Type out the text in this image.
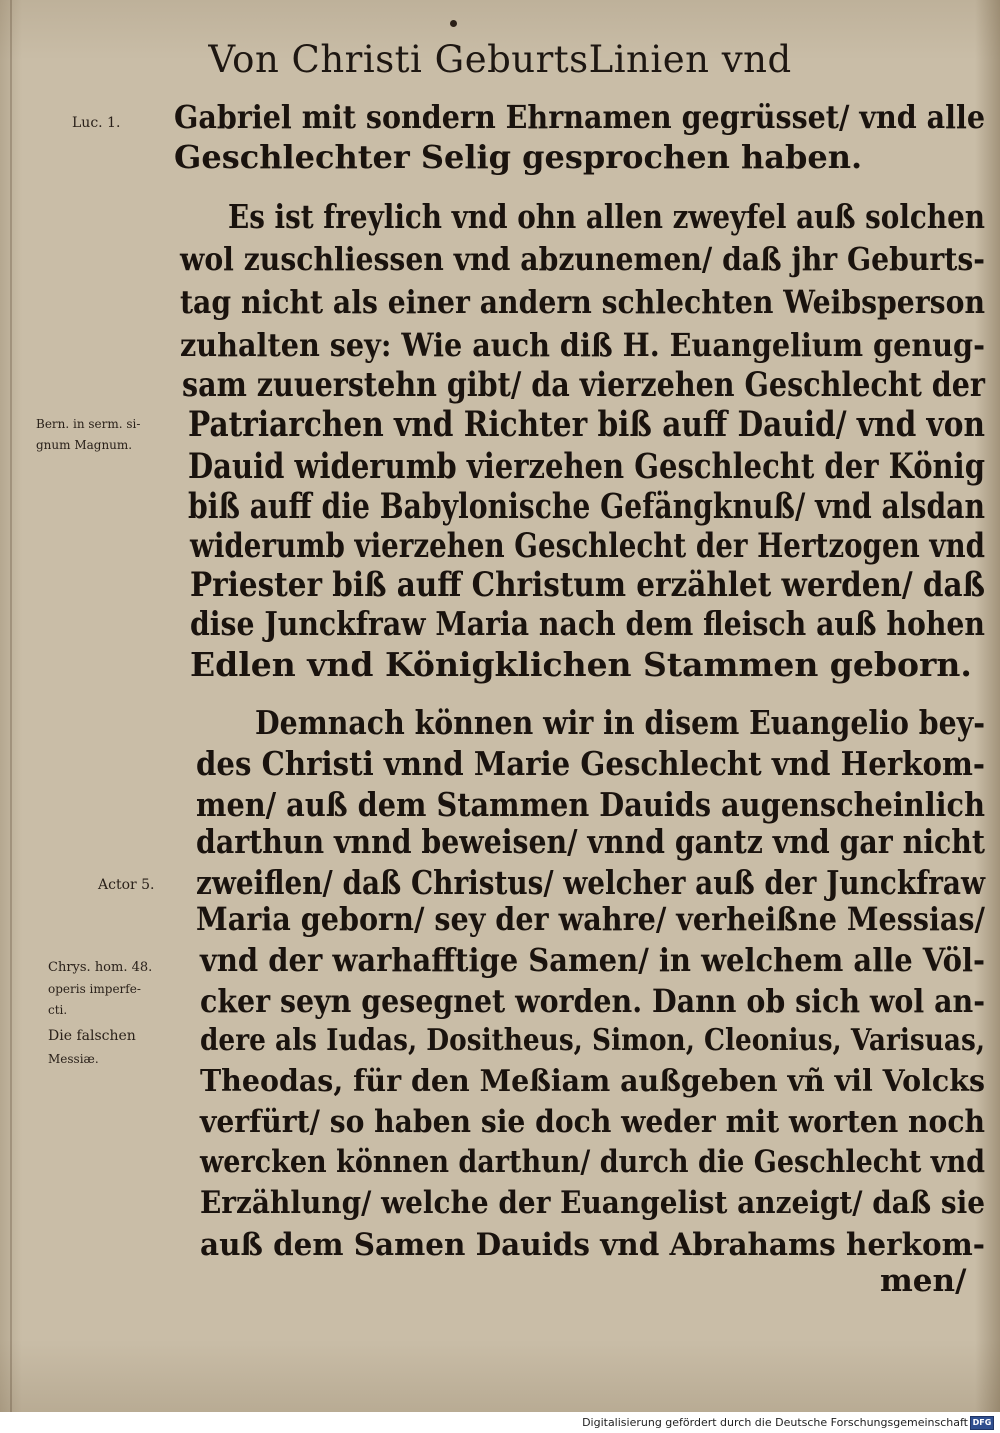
Von Christi GeburtsLinien vnd
Luc. 1.
Bern. in serm. si-
gnum Magnum.
Actor 5.
Chrys. hom. 48.
operis imperfe-
cti.
Die falschen
Messiæ.
Gabriel mit sondern Ehrnamen gegrüsset/ vnd alle
Geschlechter Selig gesprochen haben.
Es ist freylich vnd ohn allen zweyfel auß solchen
wol zuschliessen vnd abzunemen/ daß jhr Geburts-
tag nicht als einer andern schlechten Weibsperson
zuhalten sey: Wie auch diß H. Euangelium genug-
sam zuuerstehn gibt/ da vierzehen Geschlecht der
Patriarchen vnd Richter biß auff Dauid/ vnd von
Dauid widerumb vierzehen Geschlecht der König
biß auff die Babylonische Gefängknuß/ vnd alsdan
widerumb vierzehen Geschlecht der Hertzogen vnd
Priester biß auff Christum erzählet werden/ daß
dise Junckfraw Maria nach dem fleisch auß hohen
Edlen vnd Königklichen Stammen geborn.
Demnach können wir in disem Euangelio bey-
des Christi vnnd Marie Geschlecht vnd Herkom-
men/ auß dem Stammen Dauids augenscheinlich
darthun vnnd beweisen/ vnnd gantz vnd gar nicht
zweiflen/ daß Christus/ welcher auß der Junckfraw
Maria geborn/ sey der wahre/ verheißne Messias/
vnd der warhafftige Samen/ in welchem alle Völ-
cker seyn gesegnet worden. Dann ob sich wol an-
dere als Iudas, Dositheus, Simon, Cleonius, Varisuas,
Theodas, für den Meßiam außgeben vñ vil Volcks
verfürt/ so haben sie doch weder mit worten noch
wercken können darthun/ durch die Geschlecht vnd
Erzählung/ welche der Euangelist anzeigt/ daß sie
auß dem Samen Dauids vnd Abrahams herkom-
men/
Digitalisierung gefördert durch die Deutsche Forschungsgemeinschaft DFG
